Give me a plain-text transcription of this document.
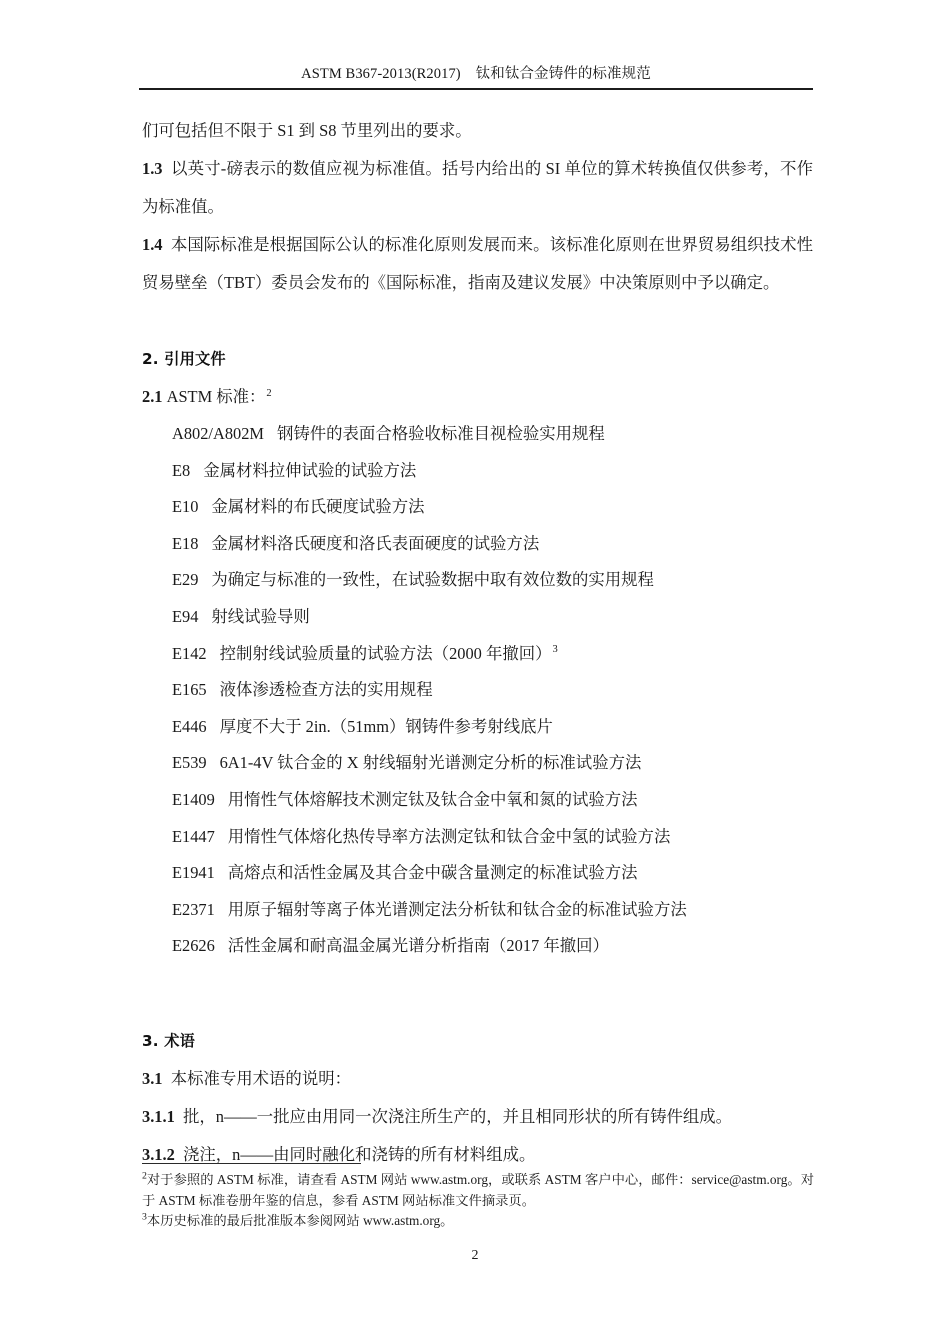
ASTM B367-2013(R2017)    钛和钛合金铸件的标准规范

们可包括但不限于 S1 到 S8 节里列出的要求。

1.3 以英寸-磅表示的数值应视为标准值。括号内给出的 SI 单位的算术转换值仅供参考，不作为标准值。

1.4 本国际标准是根据国际公认的标准化原则发展而来。该标准化原则在世界贸易组织技术性贸易壁垒（TBT）委员会发布的《国际标准，指南及建议发展》中决策原则中予以确定。

2. 引用文件

2.1 ASTM 标准：$^2$

A802/A802M 钢铸件的表面合格验收标准目视检验实用规程
E8 金属材料拉伸试验的试验方法
E10 金属材料的布氏硬度试验方法
E18 金属材料洛氏硬度和洛氏表面硬度的试验方法
E29 为确定与标准的一致性，在试验数据中取有效位数的实用规程
E94 射线试验导则
E142 控制射线试验质量的试验方法（2000 年撤回）$^3$
E165 液体渗透检查方法的实用规程
E446 厚度不大于 2in.（51mm）钢铸件参考射线底片
E539 6A1-4V 钛合金的 X 射线辐射光谱测定分析的标准试验方法
E1409 用惰性气体熔解技术测定钛及钛合金中氧和氮的试验方法
E1447 用惰性气体熔化热传导率方法测定钛和钛合金中氢的试验方法
E1941 高熔点和活性金属及其合金中碳含量测定的标准试验方法
E2371 用原子辐射等离子体光谱测定法分析钛和钛合金的标准试验方法
E2626 活性金属和耐高温金属光谱分析指南（2017 年撤回）
3. 术语

3.1 本标准专用术语的说明：

3.1.1 批，n——一批应由用同一次浇注所生产的，并且相同形状的所有铸件组成。

3.1.2 浇注，n——由同时融化和浇铸的所有材料组成。

$^2$对于参照的 ASTM 标准，请查看 ASTM 网站 www.astm.org，或联系 ASTM 客户中心，邮件：service@astm.org。对于 ASTM 标准卷册年鉴的信息，参看 ASTM 网站标准文件摘录页。

$^3$本历史标准的最后批准版本参阅网站 www.astm.org。

2
